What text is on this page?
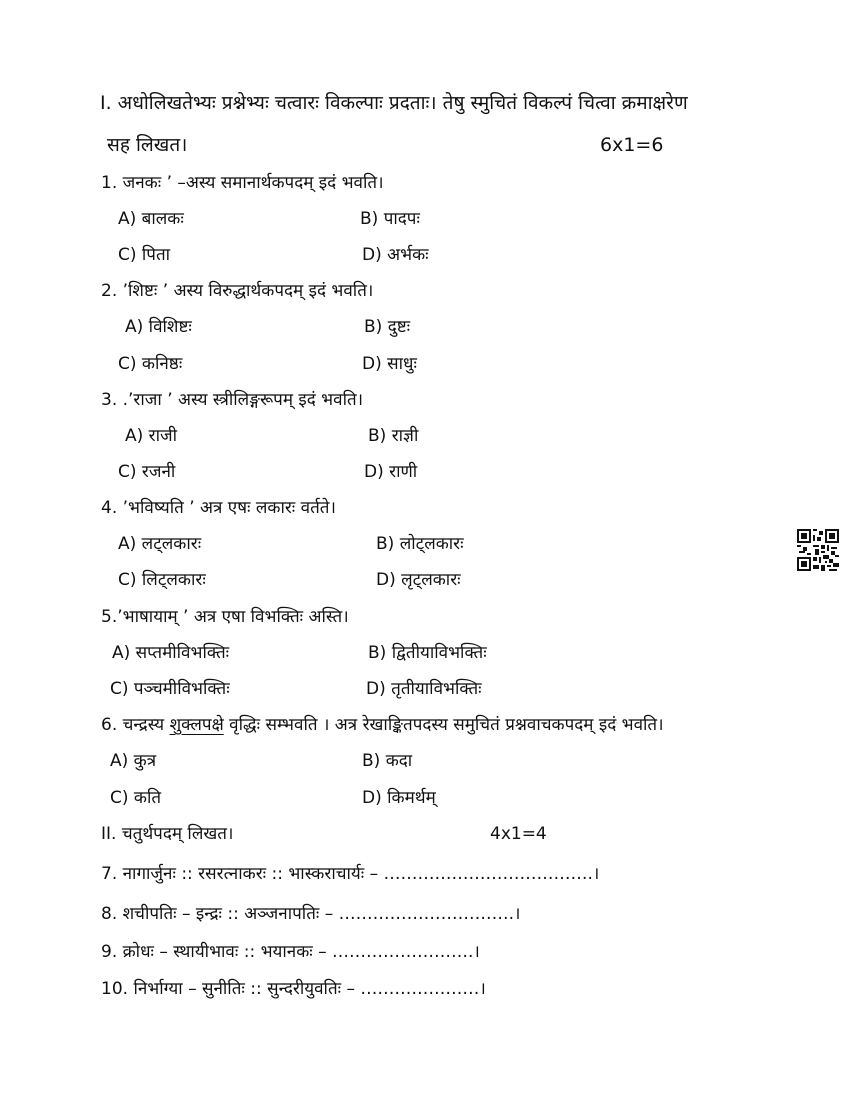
I. अधोलिखतेभ्यः प्रश्नेभ्यः चत्वारः विकल्पाः प्रदताः। तेषु स्मुचितं विकल्पं चित्वा क्रमाक्षरेण
सह लिखत।	6x1=6
1. जनकः ’ –अस्य समानार्थकपदम् इदं भवति।
A) बालकः	B) पादपः
C) पिता	D) अर्भकः
2. ’शिष्टः ’ अस्य विरुद्धार्थकपदम् इदं भवति।
A) विशिष्टः	B) दुष्टः
C) कनिष्ठः	D) साधुः
3. .’राजा ’ अस्य स्त्रीलिङ्गरूपम् इदं भवति।
A) राजी	B) राज्ञी
C) रजनी	D) राणी
4. ’भविष्यति ’ अत्र एषः लकारः वर्तते।
A) लट्लकारः	B) लोट्लकारः
C) लिट्लकारः	D) लृट्लकारः
5.’भाषायाम् ’ अत्र एषा विभक्तिः अस्ति।
A) सप्तमीविभक्तिः	B) द्वितीयाविभक्तिः
C) पञ्चमीविभक्तिः	D) तृतीयाविभक्तिः
6. चन्द्रस्य शुक्लपक्षे वृद्धिः सम्भवति । अत्र रेखाङ्कितपदस्य समुचितं प्रश्नवाचकपदम् इदं भवति।
A) कुत्र	B) कदा
C) कति	D) किमर्थम्
II. चतुर्थपदम् लिखत।	4x1=4
7. नागार्जुनः :: रसरत्नाकरः :: भास्कराचार्यः – ……………………………….।
8. शचीपतिः – इन्द्रः :: अञ्जनापतिः – ………………………….।
9. क्रोधः – स्थायीभावः :: भयानकः – …………………….।
10. निर्भाग्या – सुनीतिः :: सुन्दरीयुवतिः – …………………।
